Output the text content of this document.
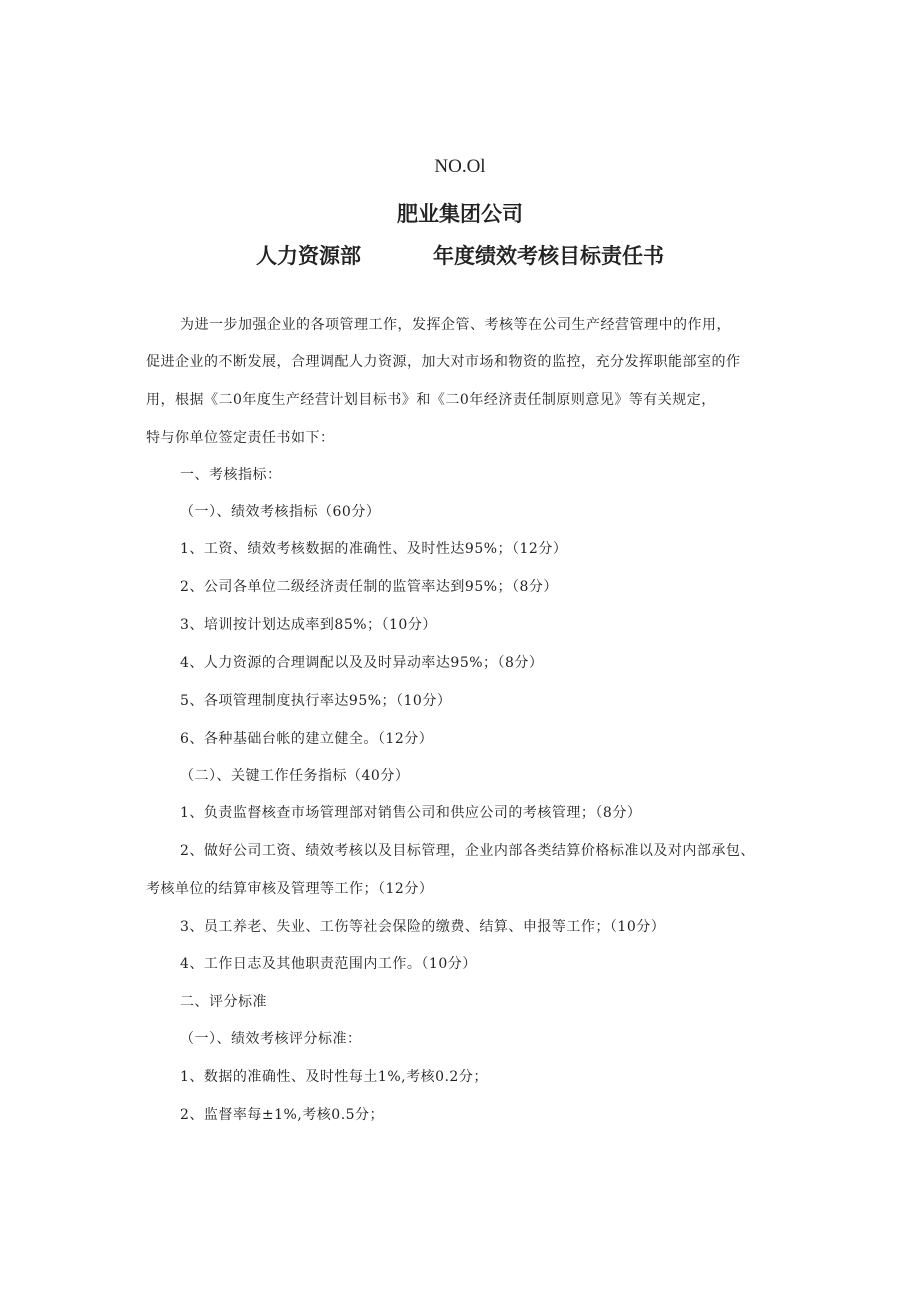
NO.Ol
肥业集团公司
人力资源部	年度绩效考核目标责任书
为进一步加强企业的各项管理工作，发挥企管、考核等在公司生产经营管理中的作用，
促进企业的不断发展，合理调配人力资源，加大对市场和物资的监控，充分发挥职能部室的作
用，根据《二0年度生产经营计划目标书》和《二0年经济责任制原则意见》等有关规定，
特与你单位签定责任书如下：
一、考核指标：
（一）、绩效考核指标（60分）
1、工资、绩效考核数据的准确性、及时性达95%；（12分）
2、公司各单位二级经济责任制的监管率达到95%；（8分）
3、培训按计划达成率到85%；（10分）
4、人力资源的合理调配以及及时异动率达95%；（8分）
5、各项管理制度执行率达95%；（10分）
6、各种基础台帐的建立健全。（12分）
（二）、关键工作任务指标（40分）
1、负责监督核查市场管理部对销售公司和供应公司的考核管理；（8分）
2、做好公司工资、绩效考核以及目标管理，企业内部各类结算价格标准以及对内部承包、
考核单位的结算审核及管理等工作；（12分）
3、员工养老、失业、工伤等社会保险的缴费、结算、申报等工作；（10分）
4、工作日志及其他职责范围内工作。（10分）
二、评分标准
（一）、绩效考核评分标准：
1、数据的准确性、及时性每土1%,考核0.2分；
2、监督率每±1%,考核0.5分；
